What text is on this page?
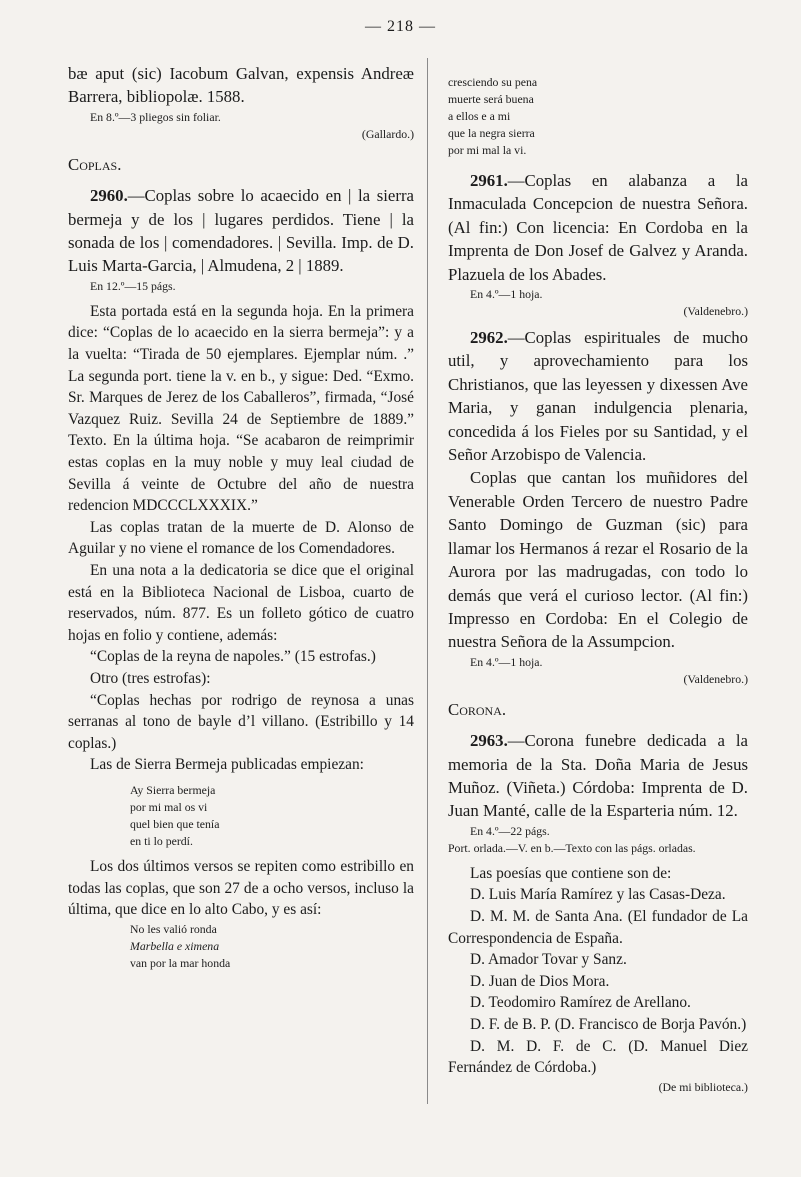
— 218 —

bæ aput (sic) Iacobum Galvan, expensis Andreæ Barrera, bibliopolæ. 1588.

En 8.º—3 pliegos sin foliar.

(Gallardo.)

Coplas.

2960.—Coplas sobre lo acaecido en | la sierra bermeja y de los | lugares perdidos. Tiene | la sonada de los | comendadores. | Sevilla. Imp. de D. Luis Marta-Garcia, | Almudena, 2 | 1889.

En 12.º—15 págs.

Esta portada está en la segunda hoja. En la primera dice: “Coplas de lo acaecido en la sierra bermeja”: y a la vuelta: “Tirada de 50 ejemplares. Ejemplar núm. .” La segunda port. tiene la v. en b., y sigue: Ded. “Exmo. Sr. Marques de Jerez de los Caballeros”, firmada, “José Vazquez Ruiz. Sevilla 24 de Septiembre de 1889.” Texto. En la última hoja. “Se acabaron de reimprimir estas coplas en la muy noble y muy leal ciudad de Sevilla á veinte de Octubre del año de nuestra redencion MDCCCLXXXIX.”

Las coplas tratan de la muerte de D. Alonso de Aguilar y no viene el romance de los Comendadores.

En una nota a la dedicatoria se dice que el original está en la Biblioteca Nacional de Lisboa, cuarto de reservados, núm. 877. Es un folleto gótico de cuatro hojas en folio y contiene, además:

“Coplas de la reyna de napoles.” (15 estrofas.)

Otro (tres estrofas):

“Coplas hechas por rodrigo de reynosa a unas serranas al tono de bayle d’l villano. (Estribillo y 14 coplas.)

Las de Sierra Bermeja publicadas empiezan:

Ay Sierra bermeja
por mi mal os vi
quel bien que tenía
en ti lo perdí.

Los dos últimos versos se repiten como estribillo en todas las coplas, que son 27 de a ocho versos, incluso la última, que dice en lo alto Cabo, y es así:

No les valió ronda
Marbella e ximena
van por la mar honda
cresciendo su pena
muerte será buena
a ellos e a mi
que la negra sierra
por mi mal la vi.

2961.—Coplas en alabanza a la Inmaculada Concepcion de nuestra Señora. (Al fin:) Con licencia: En Cordoba en la Imprenta de Don Josef de Galvez y Aranda. Plazuela de los Abades.

En 4.º—1 hoja.

(Valdenebro.)

2962.—Coplas espirituales de mucho util, y aprovechamiento para los Christianos, que las leyessen y dixessen Ave Maria, y ganan indulgencia plenaria, concedida á los Fieles por su Santidad, y el Señor Arzobispo de Valencia.

Coplas que cantan los muñidores del Venerable Orden Tercero de nuestro Padre Santo Domingo de Guzman (sic) para llamar los Hermanos á rezar el Rosario de la Aurora por las madrugadas, con todo lo demás que verá el curioso lector. (Al fin:) Impresso en Cordoba: En el Colegio de nuestra Señora de la Assumpcion.

En 4.º—1 hoja.

(Valdenebro.)

Corona.

2963.—Corona funebre dedicada a la memoria de la Sta. Doña Maria de Jesus Muñoz. (Viñeta.) Córdoba: Imprenta de D. Juan Manté, calle de la Esparteria núm. 12.

En 4.º—22 págs.

Port. orlada.—V. en b.—Texto con las págs. orladas.

Las poesías que contiene son de:

D. Luis María Ramírez y las Casas-Deza.

D. M. M. de Santa Ana. (El fundador de La Correspondencia de España.

D. Amador Tovar y Sanz.

D. Juan de Dios Mora.

D. Teodomiro Ramírez de Arellano.

D. F. de B. P. (D. Francisco de Borja Pavón.)

D. M. D. F. de C. (D. Manuel Diez Fernández de Córdoba.)

(De mi biblioteca.)
